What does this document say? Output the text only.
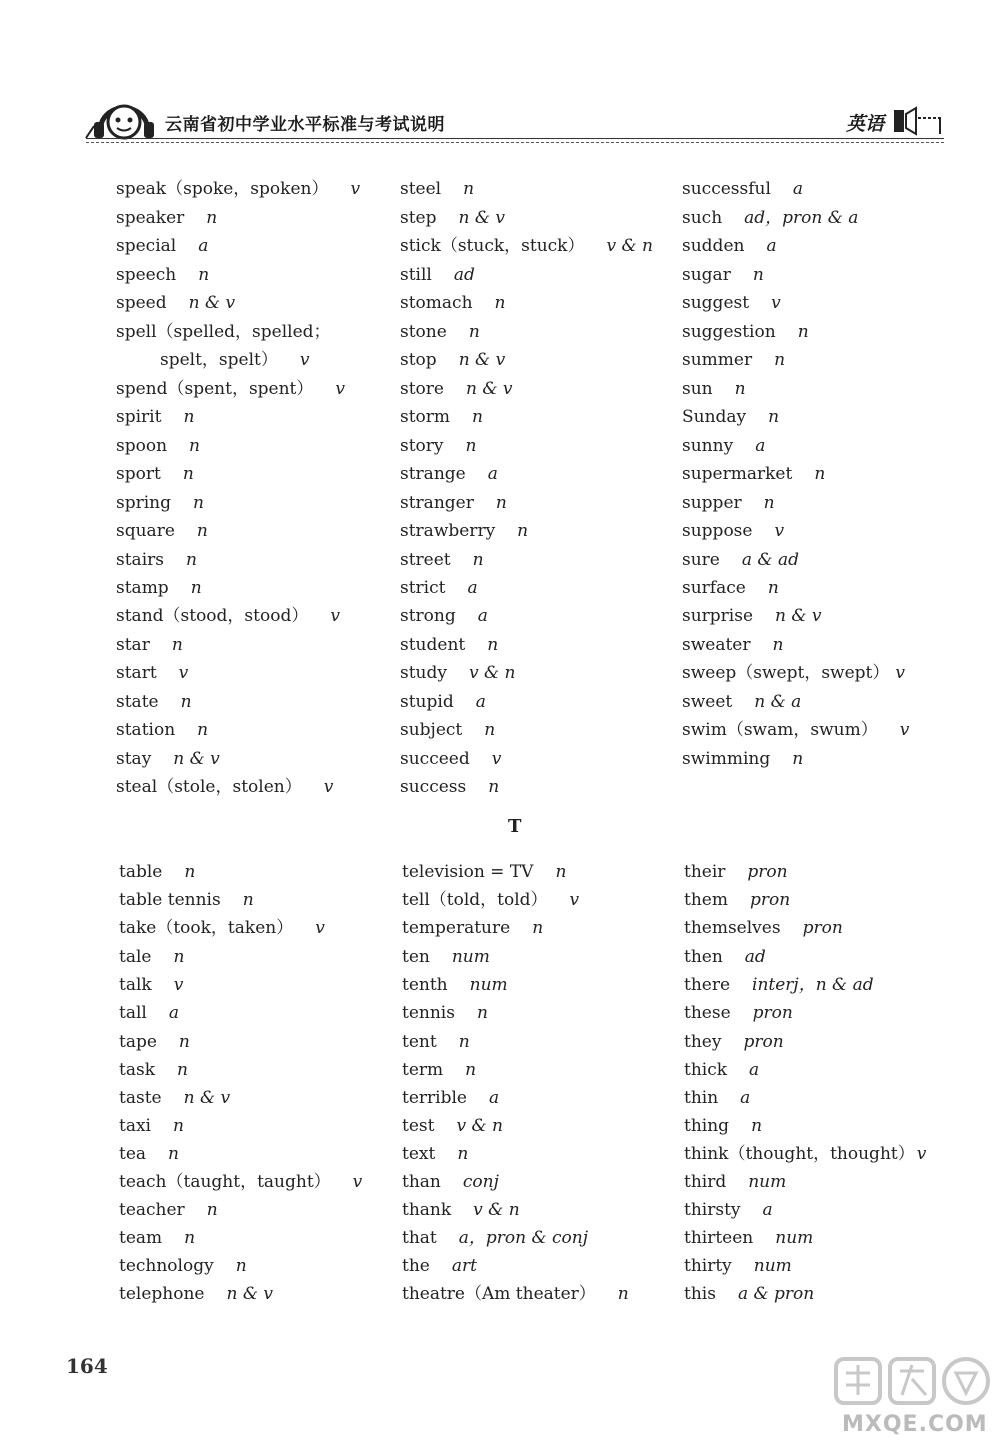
云南省初中学业水平标准与考试说明	英语
speak（spoke，spoken） v
speaker n
special a
speech n
speed n & v
spell（spelled，spelled；
spelt，spelt） v
spend（spent，spent） v
spirit n
spoon n
sport n
spring n
square n
stairs n
stamp n
stand（stood，stood） v
star n
start v
state n
station n
stay n & v
steal（stole，stolen） v
steel n
step n & v
stick（stuck，stuck） v & n
still ad
stomach n
stone n
stop n & v
store n & v
storm n
story n
strange a
stranger n
strawberry n
street n
strict a
strong a
student n
study v & n
stupid a
subject n
succeed v
success n
successful a
such ad，pron & a
sudden a
sugar n
suggest v
suggestion n
summer n
sun n
Sunday n
sunny a
supermarket n
supper n
suppose v
sure a & ad
surface n
surprise n & v
sweater n
sweep（swept，swept） v
sweet n & a
swim（swam，swum） v
swimming n
T
table n
table tennis n
take（took，taken） v
tale n
talk v
tall a
tape n
task n
taste n & v
taxi n
tea n
teach（taught，taught） v
teacher n
team n
technology n
telephone n & v
television = TV n
tell（told，told） v
temperature n
ten num
tenth num
tennis n
tent n
term n
terrible a
test v & n
text n
than conj
thank v & n
that a，pron & conj
the art
theatre（Am theater） n
their pron
them pron
themselves pron
then ad
there interj，n & ad
these pron
they pron
thick a
thin a
thing n
think（thought，thought） v
third num
thirsty a
thirteen num
thirty num
this a & pron
164
MXQE.COM
